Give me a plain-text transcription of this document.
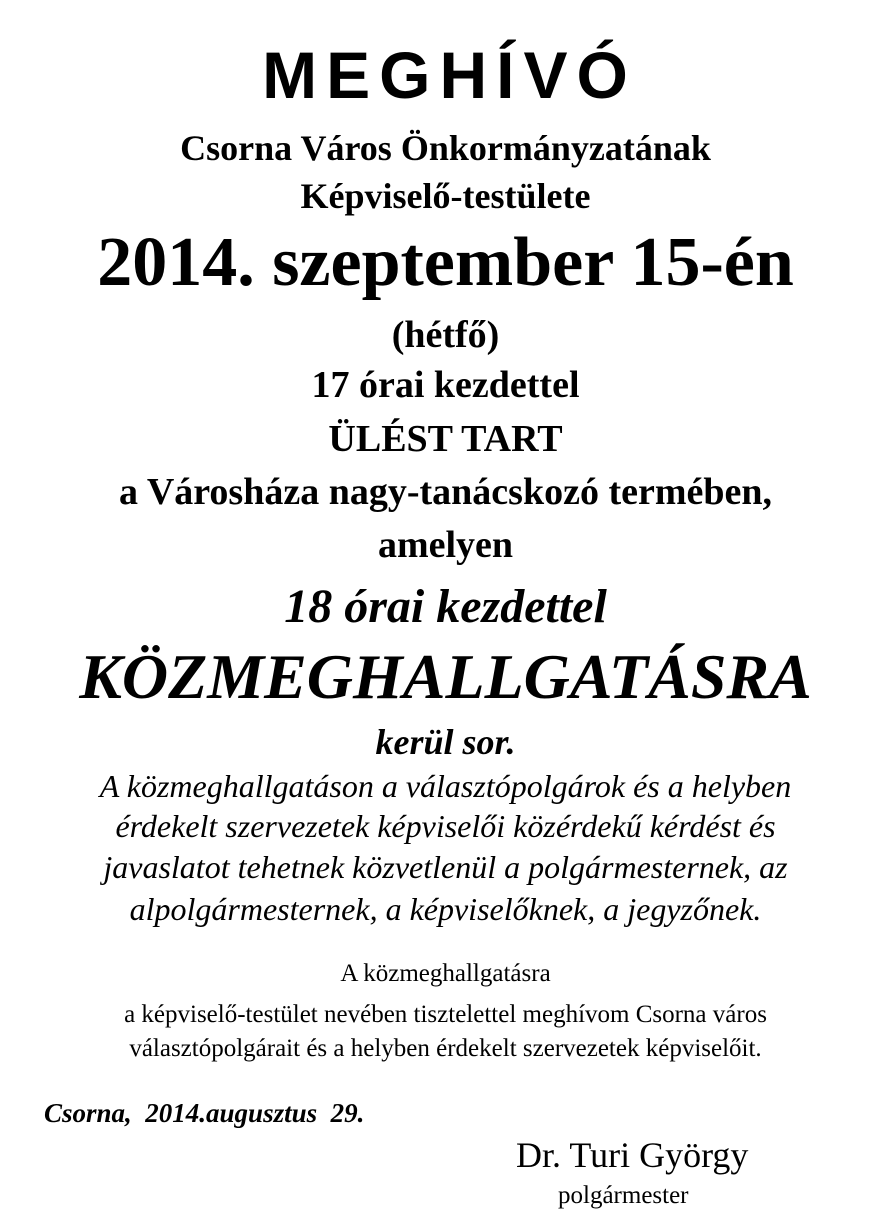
MEGHÍVÓ
Csorna Város Önkormányzatának
Képviselő-testülete
2014. szeptember 15-én
(hétfő)
17 órai kezdettel
ÜLÉST TART
a Városháza nagy-tanácskozó termében,
amelyen
18 órai kezdettel
KÖZMEGHALLGATÁSRA
kerül sor.
A közmeghallgatáson a választópolgárok és a helyben
érdekelt szervezetek képviselői közérdekű kérdést és
javaslatot tehetnek közvetlenül a polgármesternek, az
alpolgármesternek, a képviselőknek, a jegyzőnek.
A közmeghallgatásra
a képviselő-testület nevében tisztelettel meghívom Csorna város
választópolgárait és a helyben érdekelt szervezetek képviselőit.
Csorna,  2014.augusztus  29.
Dr. Turi György
polgármester
